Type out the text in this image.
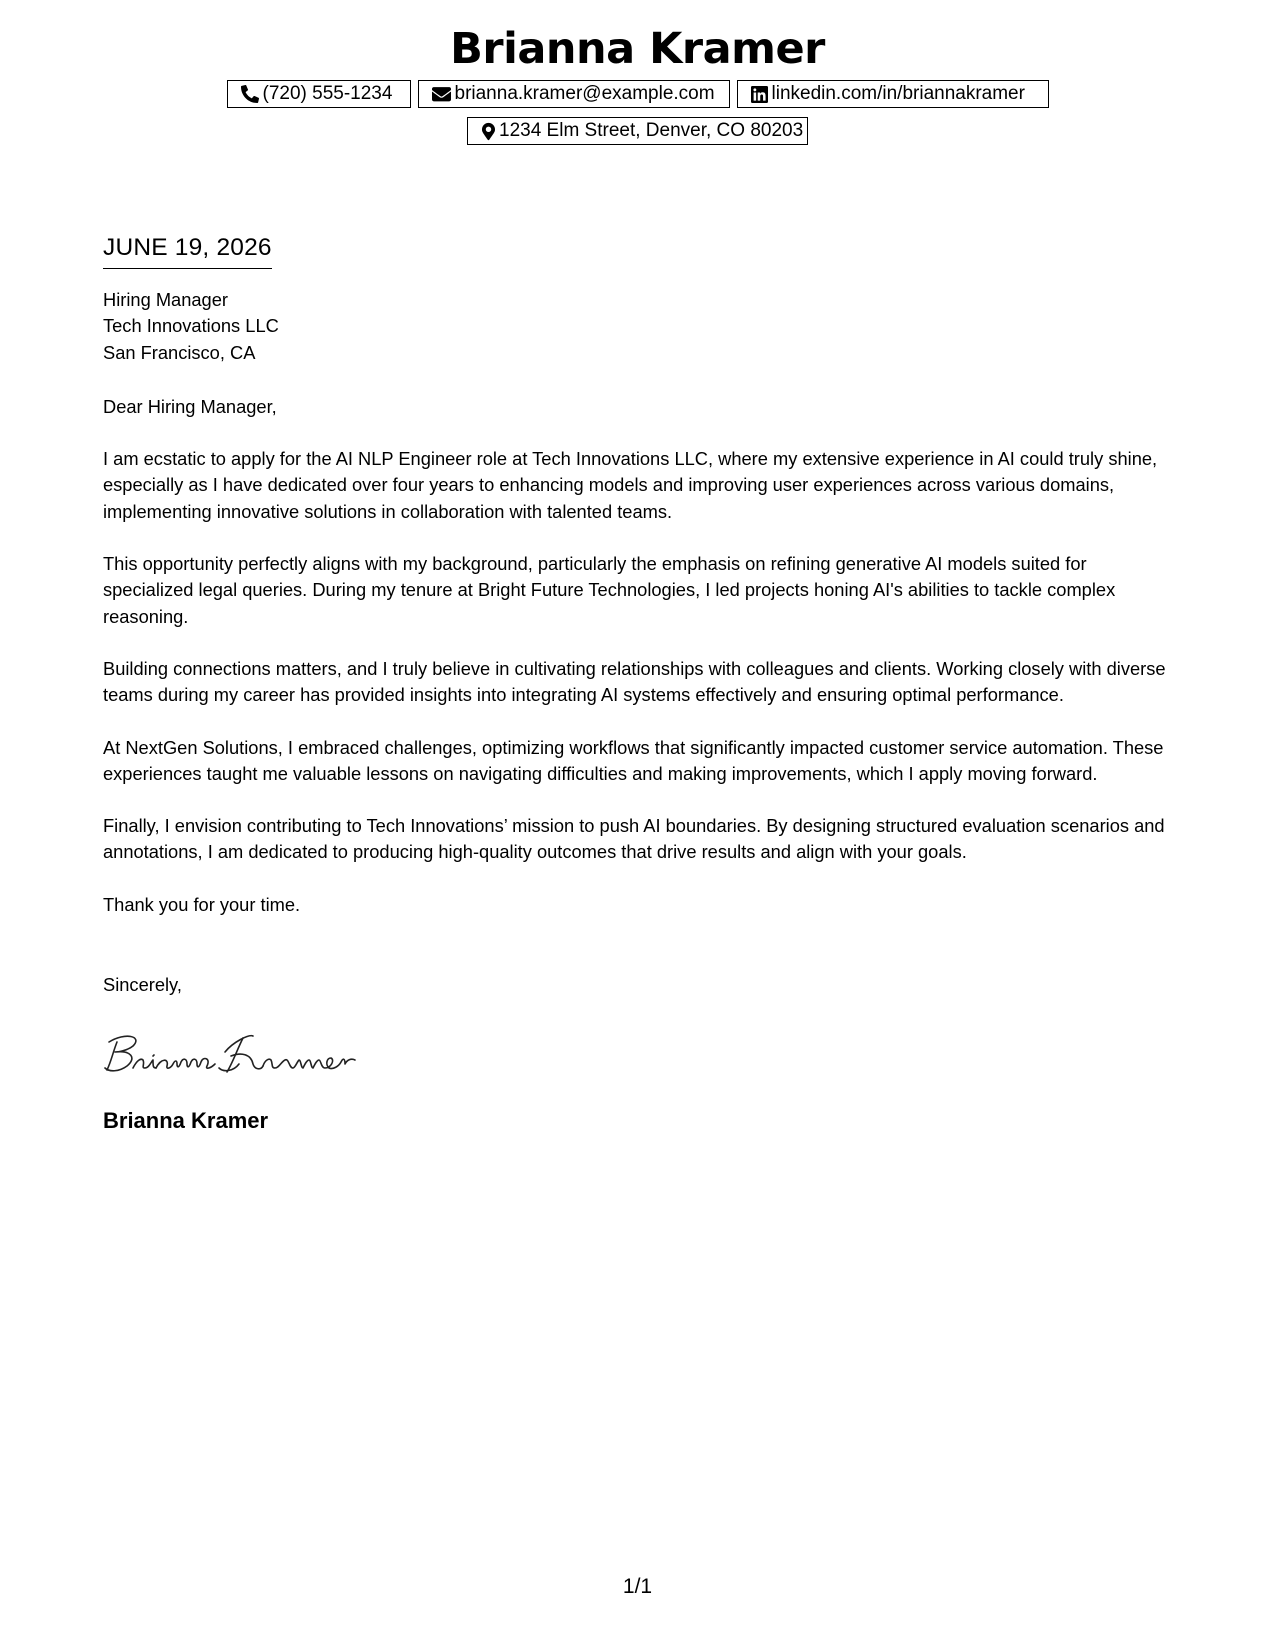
Brianna Kramer
(720) 555-1234	brianna.kramer@example.com	linkedin.com/in/briannakramer
1234 Elm Street, Denver, CO 80203
JUNE 19, 2026
Hiring Manager
Tech Innovations LLC
San Francisco, CA
Dear Hiring Manager,
I am ecstatic to apply for the AI NLP Engineer role at Tech Innovations LLC, where my extensive experience in AI could truly shine, especially as I have dedicated over four years to enhancing models and improving user experiences across various domains, implementing innovative solutions in collaboration with talented teams.
This opportunity perfectly aligns with my background, particularly the emphasis on refining generative AI models suited for specialized legal queries. During my tenure at Bright Future Technologies, I led projects honing AI's abilities to tackle complex reasoning.
Building connections matters, and I truly believe in cultivating relationships with colleagues and clients. Working closely with diverse teams during my career has provided insights into integrating AI systems effectively and ensuring optimal performance.
At NextGen Solutions, I embraced challenges, optimizing workflows that significantly impacted customer service automation. These experiences taught me valuable lessons on navigating difficulties and making improvements, which I apply moving forward.
Finally, I envision contributing to Tech Innovations’ mission to push AI boundaries. By designing structured evaluation scenarios and annotations, I am dedicated to producing high-quality outcomes that drive results and align with your goals.
Thank you for your time.
Sincerely,
Brianna Kramer
1/1
